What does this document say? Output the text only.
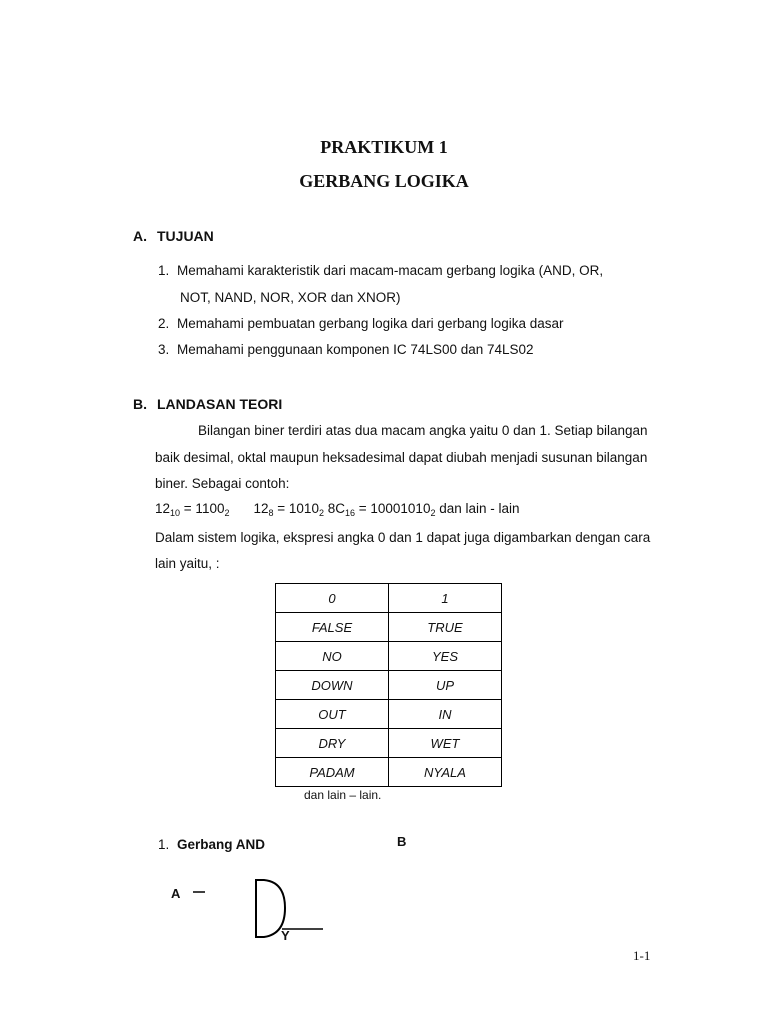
PRAKTIKUM 1
GERBANG LOGIKA
A. TUJUAN
1. Memahami karakteristik dari macam-macam gerbang logika (AND, OR,
NOT, NAND, NOR, XOR dan XNOR)
2. Memahami pembuatan gerbang logika dari gerbang logika dasar
3. Memahami penggunaan komponen IC 74LS00 dan 74LS02
B. LANDASAN TEORI
Bilangan biner terdiri atas dua macam angka yaitu 0 dan 1. Setiap bilangan
baik desimal, oktal maupun heksadesimal dapat diubah menjadi susunan bilangan
biner. Sebagai contoh:
$12_{10} = 1100_2$ $12_8 = 1010_2$ $8C_{16} = 10001010_2$ dan lain - lain
Dalam sistem logika, ekspresi angka 0 dan 1 dapat juga digambarkan dengan cara
lain yaitu, :
0	1
FALSE	TRUE
NO	YES
DOWN	UP
OUT	IN
DRY	WET
PADAM	NYALA
dan lain – lain.
1. Gerbang AND	B
A
Y
1-1
